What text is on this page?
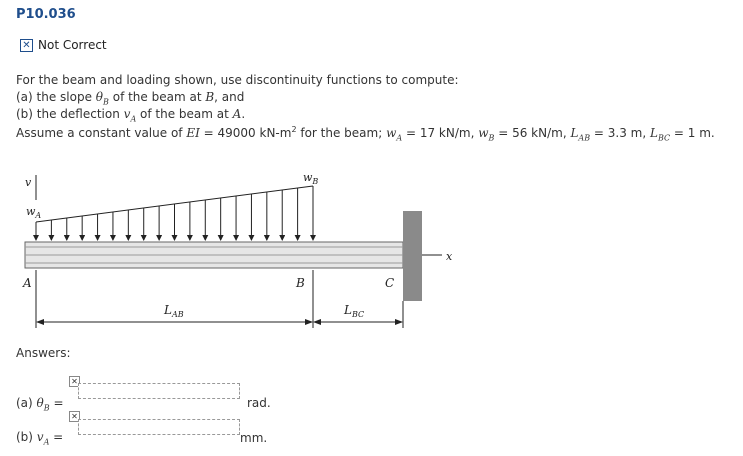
P10.036
✕ Not Correct
For the beam and loading shown, use discontinuity functions to compute:
(a) the slope $\theta_B$ of the beam at B, and
(b) the deflection $v_A$ of the beam at A.
Assume a constant value of EI = 49000 $kN-m^2$ for the beam; $w_A = 17$ kN/m, $w_B = 56$ kN/m, $L_{AB} = 3.3$ m, $L_{BC} = 1$ m.
v
$w_A$
$w_B$
x
A	B	C
$L_{AB}$	$L_{BC}$
Answers:
✕
(a) $\theta_B$ =	rad.
✕
(b) $v_A$ =	mm.
